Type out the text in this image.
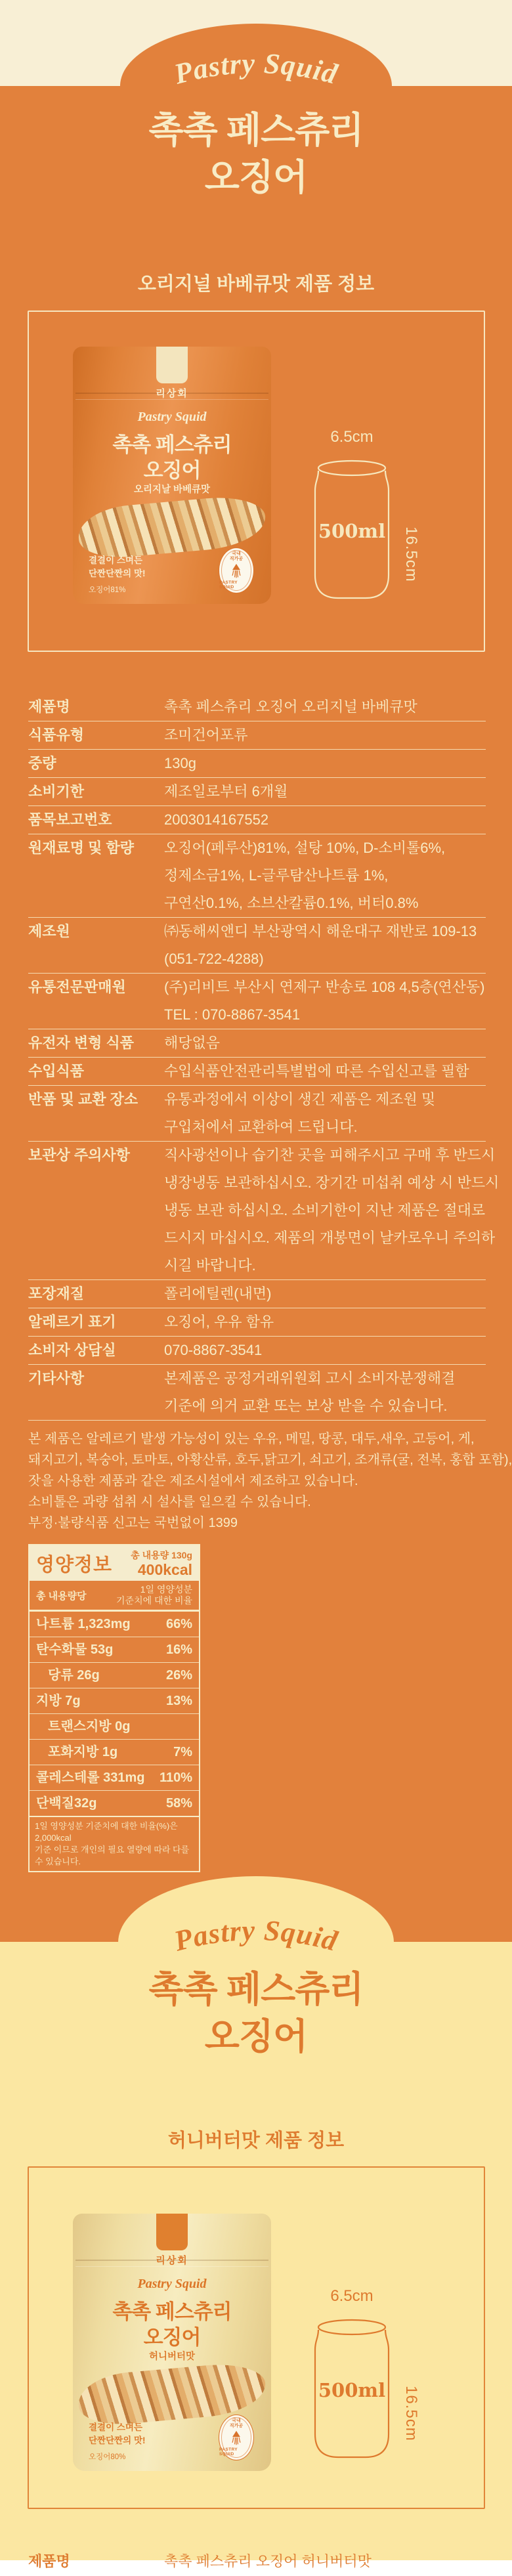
Pastry Squid
촉촉 페스츄리
오징어
오리지널 바베큐맛 제품 정보
리상회
Pastry Squid
촉촉 페스츄리
오징어
오리지날 바베큐맛
결결이 스며든
단짠단짠의 맛!
오징어81%
국내
직가공
PASTRY SQUID
6.5cm
500ml	16.5cm
제품명	촉촉 페스츄리 오징어 오리지널 바베큐맛
식품유형	조미건어포류
중량	130g
소비기한	제조일로부터 6개월
품목보고번호	2003014167552
원재료명 및 함량	오징어(페루산)81%, 설탕 10%, D-소비톨6%,
정제소금1%, L-글루탐산나트륨 1%,
구연산0.1%, 소브산칼륨0.1%, 버터0.8%
제조원	㈜동해씨앤디 부산광역시 해운대구 재반로 109-13
(051-722-4288)
유통전문판매원	(주)리비트 부산시 연제구 반송로 108 4,5층(연산동)
TEL : 070-8867-3541
유전자 변형 식품	해당없음
수입식품	수입식품안전관리특별법에 따른 수입신고를 필함
반품 및 교환 장소	유통과정에서 이상이 생긴 제품은 제조원 및
구입처에서 교환하여 드립니다.
보관상 주의사항	직사광선이나 습기찬 곳을 피해주시고 구매 후 반드시
냉장냉동 보관하십시오. 장기간 미섭취 예상 시 반드시
냉동 보관 하십시오. 소비기한이 지난 제품은 절대로
드시지 마십시오. 제품의 개봉면이 날카로우니 주의하
시길 바랍니다.
포장재질	폴리에틸렌(내면)
알레르기 표기	오징어, 우유 함유
소비자 상담실	070-8867-3541
기타사항	본제품은 공정거래위원회 고시 소비자분쟁해결
기준에 의거 교환 또는 보상 받을 수 있습니다.
본 제품은 알레르기 발생 가능성이 있는 우유, 메밀, 땅콩, 대두,새우, 고등어, 게,
돼지고기, 복숭아, 토마토, 아황산류, 호두,닭고기, 쇠고기, 조개류(굴, 전복, 홍합 포함),
잣을 사용한 제품과 같은 제조시설에서 제조하고 있습니다.
소비톨은 과량 섭취 시 설사를 일으킬 수 있습니다.
부정·불량식품 신고는 국번없이 1399
영양정보 총 내용량 130g
400kcal
총 내용량당
1일 영양성분
기준치에 대한 비율
나트륨 1,323mg	66%
탄수화물 53g	16%
당류 26g	26%
지방 7g	13%
트랜스지방 0g
포화지방 1g	7%
콜레스테롤 331mg 110%
단백질32g	58%
1일 영양성분 기준치에 대한 비율(%)은 2,000kcal
기준 이므로 개인의 필요 열량에 따라 다를 수 있습니다.
Pastry Squid
촉촉 페스츄리
오징어
허니버터맛 제품 정보
리상회
Pastry Squid
촉촉 페스츄리
오징어
허니버터맛
결결이 스며든
단짠단짠의 맛!
오징어80%
국내
직가공
PASTRY SQUID
6.5cm
500ml	16.5cm
제품명	촉촉 페스츄리 오징어 허니버터맛
